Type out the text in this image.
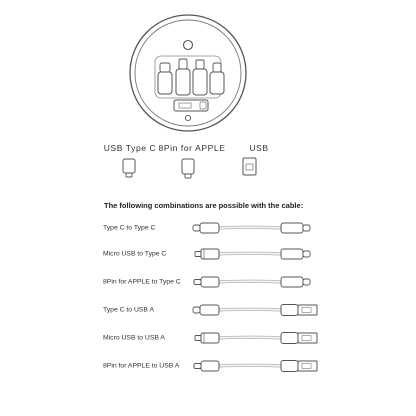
USB Type C 8Pin for APPLE	USB
The following combinations are possible with the cable:
Type C to Type C
Micro USB to Type C
8Pin for APPLE to Type C
Type C to USB A
Micro USB to USB A
8Pin for APPLE to USB A
